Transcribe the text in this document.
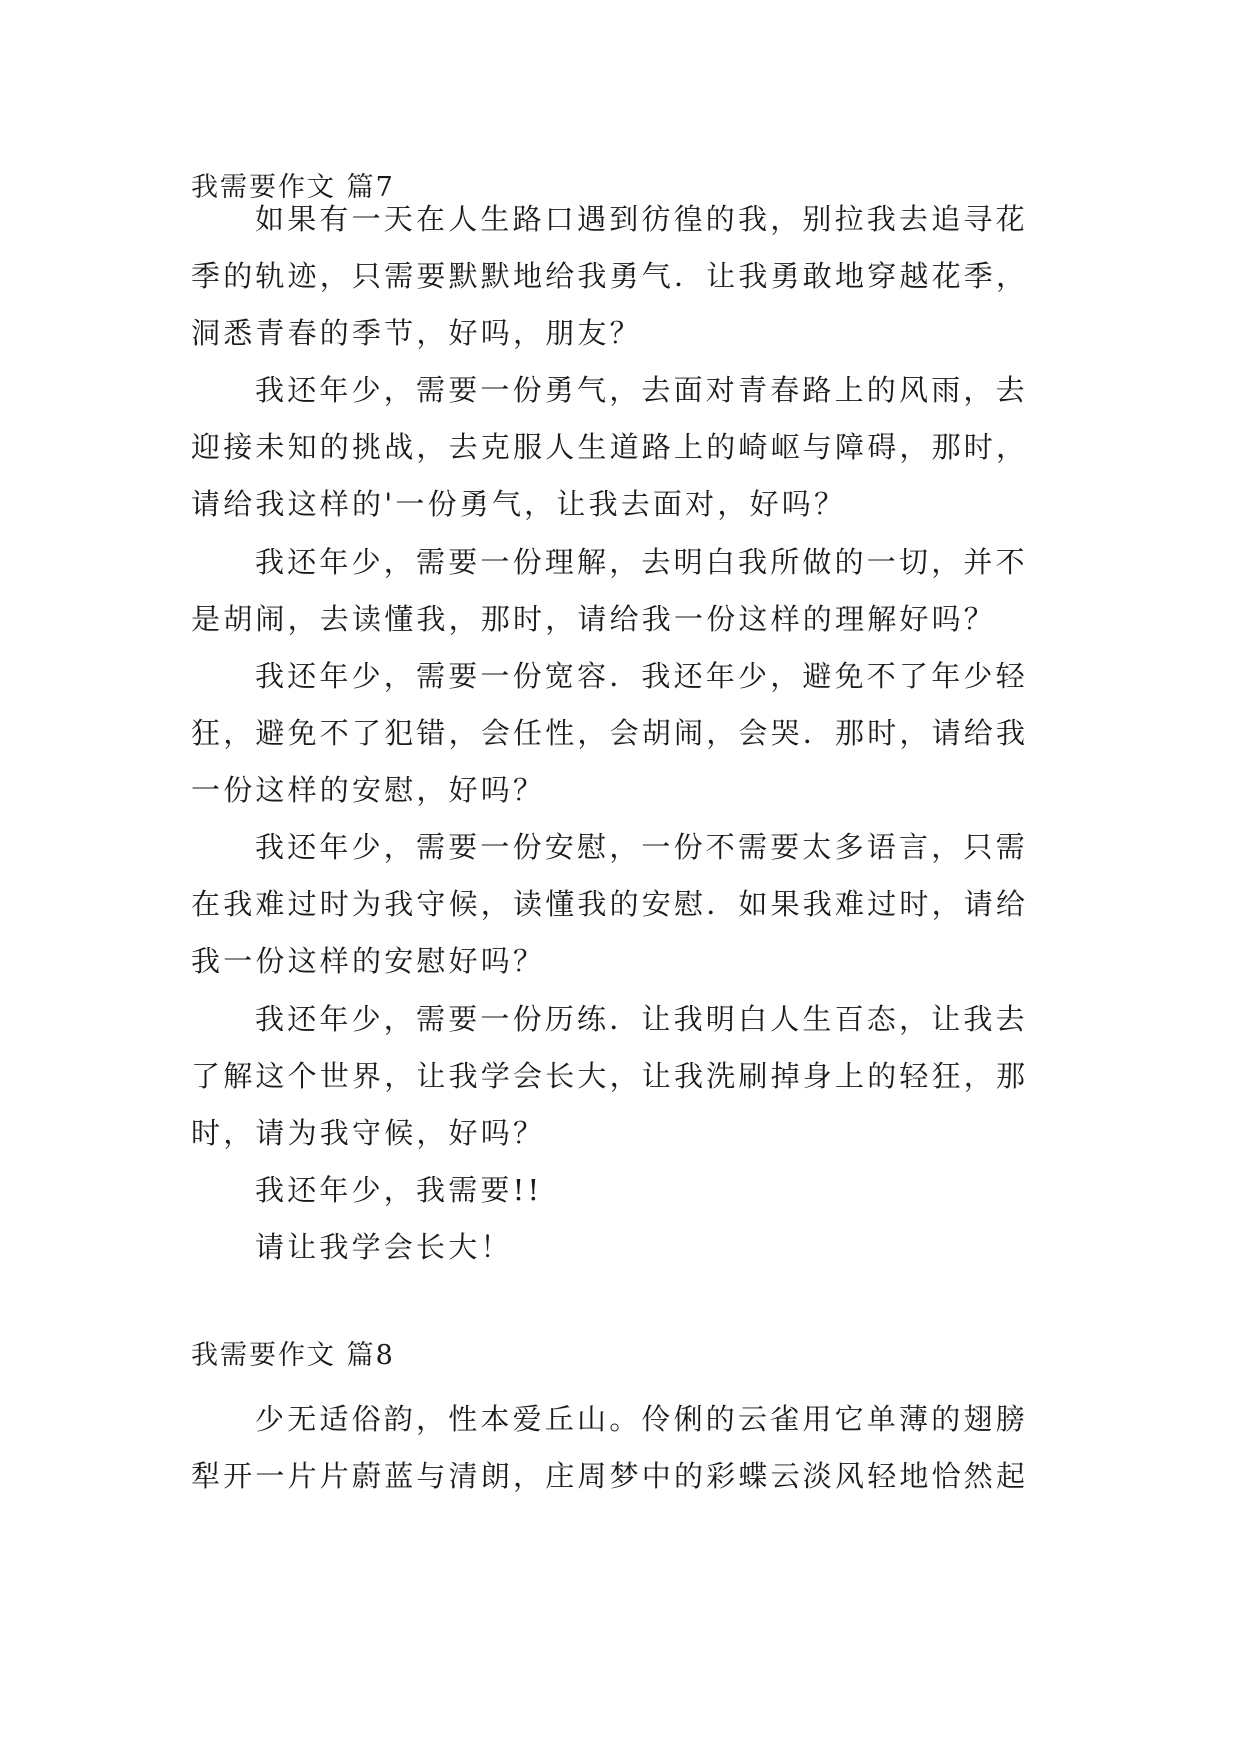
我需要作文 篇7
如果有一天在人生路口遇到彷徨的我，别拉我去追寻花
季的轨迹，只需要默默地给我勇气．让我勇敢地穿越花季，
洞悉青春的季节，好吗，朋友？
我还年少，需要一份勇气，去面对青春路上的风雨，去
迎接未知的挑战，去克服人生道路上的崎岖与障碍，那时，
请给我这样的'一份勇气，让我去面对，好吗？
我还年少，需要一份理解，去明白我所做的一切，并不
是胡闹，去读懂我，那时，请给我一份这样的理解好吗？
我还年少，需要一份宽容．我还年少，避免不了年少轻
狂，避免不了犯错，会任性，会胡闹，会哭．那时，请给我
一份这样的安慰，好吗？
我还年少，需要一份安慰，一份不需要太多语言，只需
在我难过时为我守候，读懂我的安慰．如果我难过时，请给
我一份这样的安慰好吗？
我还年少，需要一份历练．让我明白人生百态，让我去
了解这个世界，让我学会长大，让我洗刷掉身上的轻狂，那
时，请为我守候，好吗？
我还年少，我需要!!
请让我学会长大！
我需要作文 篇8
少无适俗韵，性本爱丘山。伶俐的云雀用它单薄的翅膀
犁开一片片蔚蓝与清朗，庄周梦中的彩蝶云淡风轻地恰然起
